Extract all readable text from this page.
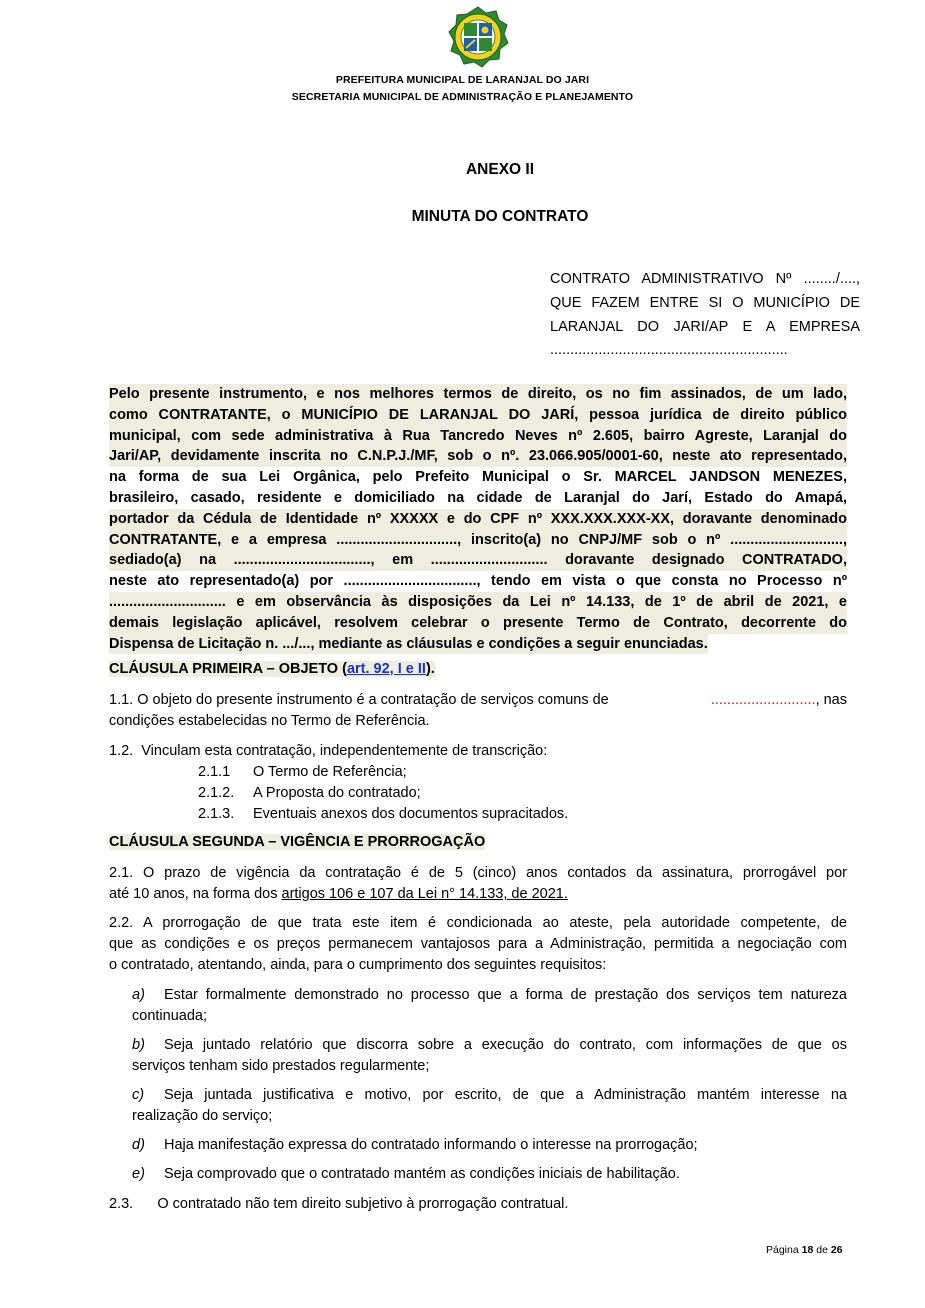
PREFEITURA MUNICIPAL DE LARANJAL DO JARI
SECRETARIA MUNICIPAL DE ADMINISTRAÇÃO E PLANEJAMENTO
ANEXO II
MINUTA DO CONTRATO
CONTRATO ADMINISTRATIVO Nº ......../....,
QUE FAZEM ENTRE SI O MUNICÍPIO DE
LARANJAL DO JARI/AP E A EMPRESA
...........................................................
Pelo presente instrumento, e nos melhores termos de direito, os no fim assinados, de um lado,
como CONTRATANTE, o MUNICÍPIO DE LARANJAL DO JARÍ, pessoa jurídica de direito público
municipal, com sede administrativa à Rua Tancredo Neves nº 2.605, bairro Agreste, Laranjal do
Jari/AP, devidamente inscrita no C.N.P.J./MF, sob o nº. 23.066.905/0001-60, neste ato representado,
na forma de sua Lei Orgânica, pelo Prefeito Municipal o Sr. MARCEL JANDSON MENEZES,
brasileiro, casado, residente e domiciliado na cidade de Laranjal do Jarí, Estado do Amapá,
portador da Cédula de Identidade nº XXXXX e do CPF nº XXX.XXX.XXX-XX, doravante denominado
CONTRATANTE, e a empresa .............................., inscrito(a) no CNPJ/MF sob o nº ............................,
sediado(a) na .................................., em ............................. doravante designado CONTRATADO,
neste ato representado(a) por ................................., tendo em vista o que consta no Processo nº
............................. e em observância às disposições da Lei nº 14.133, de 1º de abril de 2021, e
demais legislação aplicável, resolvem celebrar o presente Termo de Contrato, decorrente do
Dispensa de Licitação n. .../..., mediante as cláusulas e condições a seguir enunciadas.
CLÁUSULA PRIMEIRA – OBJETO (art. 92, I e II).
1.1. O objeto do presente instrumento é a contratação de serviços comuns de	.........................., nas
condições estabelecidas no Termo de Referência.
1.2.  Vinculam esta contratação, independentemente de transcrição:
2.1.1 O Termo de Referência;
2.1.2. A Proposta do contratado;
2.1.3. Eventuais anexos dos documentos supracitados.
CLÁUSULA SEGUNDA – VIGÊNCIA E PRORROGAÇÃO
2.1. O prazo de vigência da contratação é de 5 (cinco) anos contados da assinatura, prorrogável por
até 10 anos, na forma dos artigos 106 e 107 da Lei n° 14.133, de 2021.
2.2. A prorrogação de que trata este item é condicionada ao ateste, pela autoridade competente, de
que as condições e os preços permanecem vantajosos para a Administração, permitida a negociação com
o contratado, atentando, ainda, para o cumprimento dos seguintes requisitos:
a) Estar formalmente demonstrado no processo que a forma de prestação dos serviços tem natureza
continuada;
b) Seja juntado relatório que discorra sobre a execução do contrato, com informações de que os
serviços tenham sido prestados regularmente;
c) Seja juntada justificativa e motivo, por escrito, de que a Administração mantém interesse na
realização do serviço;
d) Haja manifestação expressa do contratado informando o interesse na prorrogação;
e) Seja comprovado que o contratado mantém as condições iniciais de habilitação.
2.3.      O contratado não tem direito subjetivo à prorrogação contratual.
Página 18 de 26
